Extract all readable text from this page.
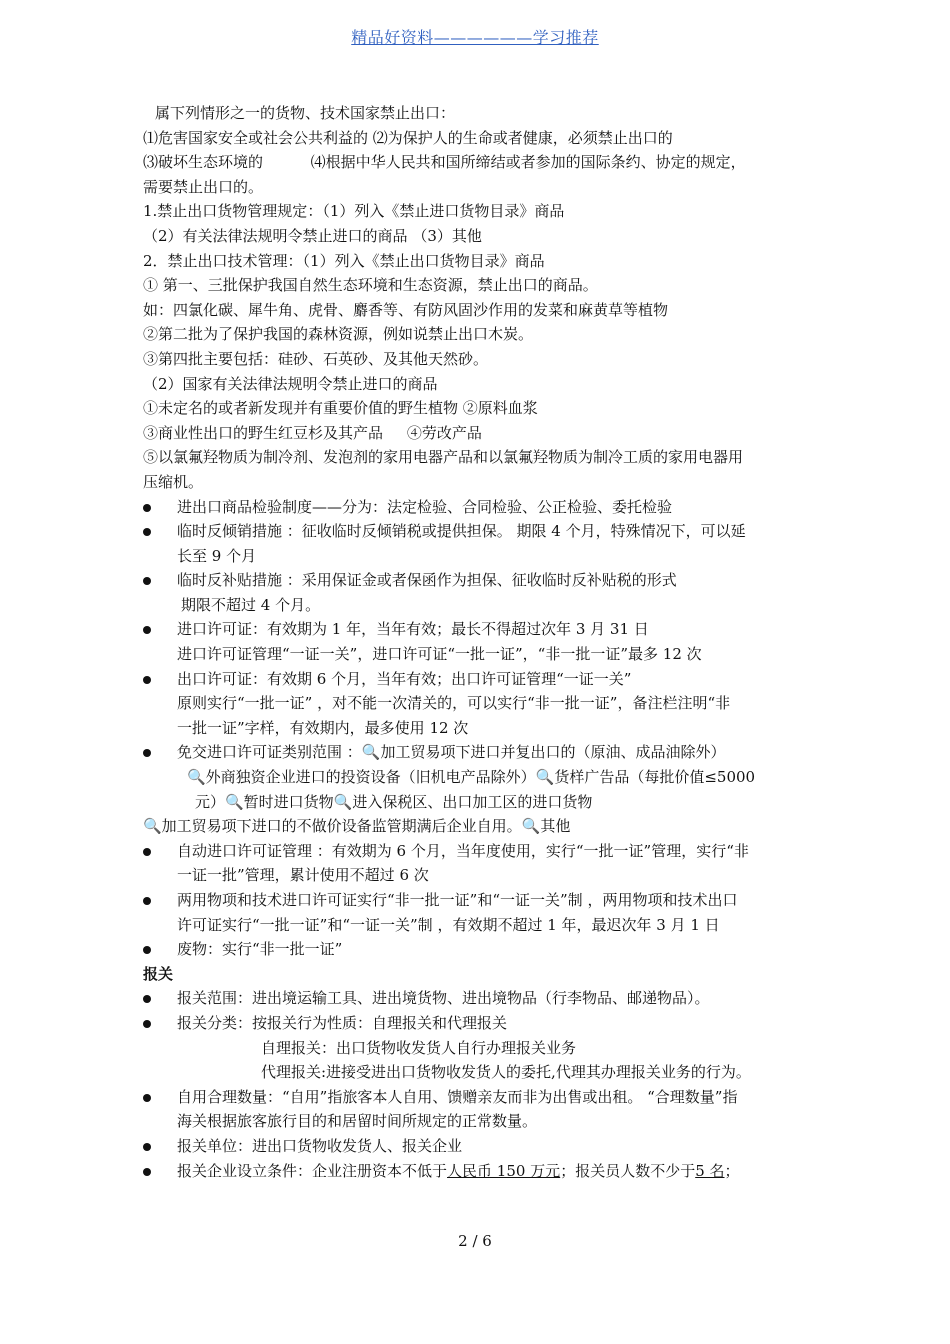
精品好资料——————学习推荐

属下列情形之一的货物、技术国家禁止出口：

⑴危害国家安全或社会公共利益的 ⑵为保护人的生命或者健康，必须禁止出口的

⑶破坏生态环境的          ⑷根据中华人民共和国所缔结或者参加的国际条约、协定的规定，

需要禁止出口的。

1.禁止出口货物管理规定：（1）列入《禁止进口货物目录》商品

（2）有关法律法规明令禁止进口的商品 （3）其他

2．禁止出口技术管理：（1）列入《禁止出口货物目录》商品

① 第一、三批保护我国自然生态环境和生态资源，禁止出口的商品。

如：四氯化碳、犀牛角、虎骨、麝香等、有防风固沙作用的发菜和麻黄草等植物

②第二批为了保护我国的森林资源，例如说禁止出口木炭。

③第四批主要包括：硅砂、石英砂、及其他天然砂。

（2）国家有关法律法规明令禁止进口的商品

①未定名的或者新发现并有重要价值的野生植物 ②原料血浆

③商业性出口的野生红豆杉及其产品     ④劳改产品

⑤以氯氟羟物质为制冷剂、发泡剂的家用电器产品和以氯氟羟物质为制冷工质的家用电器用

压缩机。

进出口商品检验制度——分为：法定检验、合同检验、公正检验、委托检验
临时反倾销措施 ：征收临时反倾销税或提供担保。 期限 4 个月，特殊情况下，可以延
长至 9 个月
临时反补贴措施 ：采用保证金或者保函作为担保、征收临时反补贴税的形式
期限不超过 4 个月。
进口许可证：有效期为 1 年，当年有效；最长不得超过次年 3 月 31 日
进口许可证管理“一证一关”，进口许可证“一批一证”，“非一批一证”最多 12 次
出口许可证：有效期 6 个月，当年有效；出口许可证管理“一证一关”
原则实行“一批一证” ，对不能一次清关的，可以实行“非一批一证”，备注栏注明“非
一批一证”字样，有效期内，最多使用 12 次
免交进口许可证类别范围 ：🔍加工贸易项下进口并复出口的（原油、成品油除外）
🔍外商独资企业进口的投资设备（旧机电产品除外）🔍货样广告品（每批价值≤5000
元）🔍暂时进口货物🔍进入保税区、出口加工区的进口货物

🔍加工贸易项下进口的不做价设备监管期满后企业自用。🔍其他

自动进口许可证管理 ：有效期为 6 个月，当年度使用，实行“一批一证”管理，实行“非
一证一批”管理，累计使用不超过 6 次
两用物项和技术进口许可证实行“非一批一证”和“一证一关”制 ，两用物项和技术出口
许可证实行“一批一证”和“一证一关”制 ，有效期不超过 1 年，最迟次年 3 月 1 日
废物：实行“非一批一证”

报关

报关范围：进出境运输工具、进出境货物、进出境物品（行李物品、邮递物品）。
报关分类：按报关行为性质：自理报关和代理报关
自理报关：出口货物收发货人自行办理报关业务
代理报关:进接受进出口货物收发货人的委托,代理其办理报关业务的行为。
自用合理数量：“自用”指旅客本人自用、馈赠亲友而非为出售或出租。 “合理数量”指
海关根据旅客旅行目的和居留时间所规定的正常数量。
报关单位：进出口货物收发货人、报关企业
报关企业设立条件：企业注册资本不低于人民币 150 万元；报关员人数不少于5 名；
2 / 6
